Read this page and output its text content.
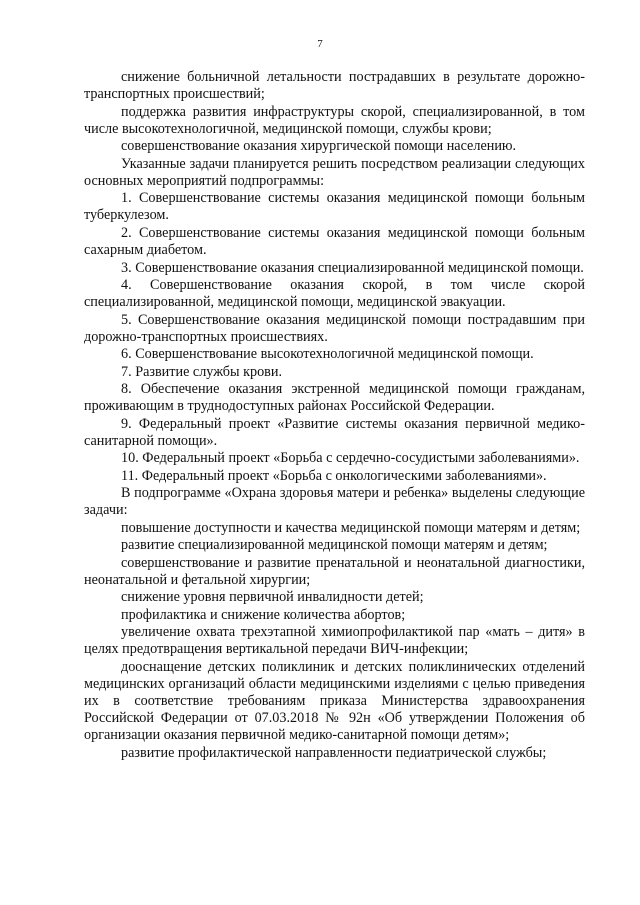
7

снижение больничной летальности пострадавших в результате дорожно-транспортных происшествий;

поддержка развития инфраструктуры скорой, специализированной, в том числе высокотехнологичной, медицинской помощи, службы крови;

совершенствование оказания хирургической помощи населению.

Указанные задачи планируется решить посредством реализации следующих основных мероприятий подпрограммы:

1. Совершенствование системы оказания медицинской помощи больным туберкулезом.

2. Совершенствование системы оказания медицинской помощи больным сахарным диабетом.

3. Совершенствование оказания специализированной медицинской помощи.

4. Совершенствование оказания скорой, в том числе скорой специализированной, медицинской помощи, медицинской эвакуации.

5. Совершенствование оказания медицинской помощи пострадавшим при дорожно-транспортных происшествиях.

6. Совершенствование высокотехнологичной медицинской помощи.

7. Развитие службы крови.

8. Обеспечение оказания экстренной медицинской помощи гражданам, проживающим в труднодоступных районах Российской Федерации.

9. Федеральный проект «Развитие системы оказания первичной медико-санитарной помощи».

10. Федеральный проект «Борьба с сердечно-сосудистыми заболеваниями».

11. Федеральный проект «Борьба с онкологическими заболеваниями».

В подпрограмме «Охрана здоровья матери и ребенка» выделены следующие задачи:

повышение доступности и качества медицинской помощи матерям и детям;

развитие специализированной медицинской помощи матерям и детям;

совершенствование и развитие пренатальной и неонатальной диагностики, неонатальной и фетальной хирургии;

снижение уровня первичной инвалидности детей;

профилактика и снижение количества абортов;

увеличение охвата трехэтапной химиопрофилактикой пар «мать – дитя» в целях предотвращения вертикальной передачи ВИЧ-инфекции;

дооснащение детских поликлиник и детских поликлинических отделений медицинских организаций области медицинскими изделиями с целью приведения их в соответствие требованиям приказа Министерства здравоохранения Российской Федерации от 07.03.2018 № 92н «Об утверждении Положения об организации оказания первичной медико-санитарной помощи детям»;

развитие профилактической направленности педиатрической службы;
